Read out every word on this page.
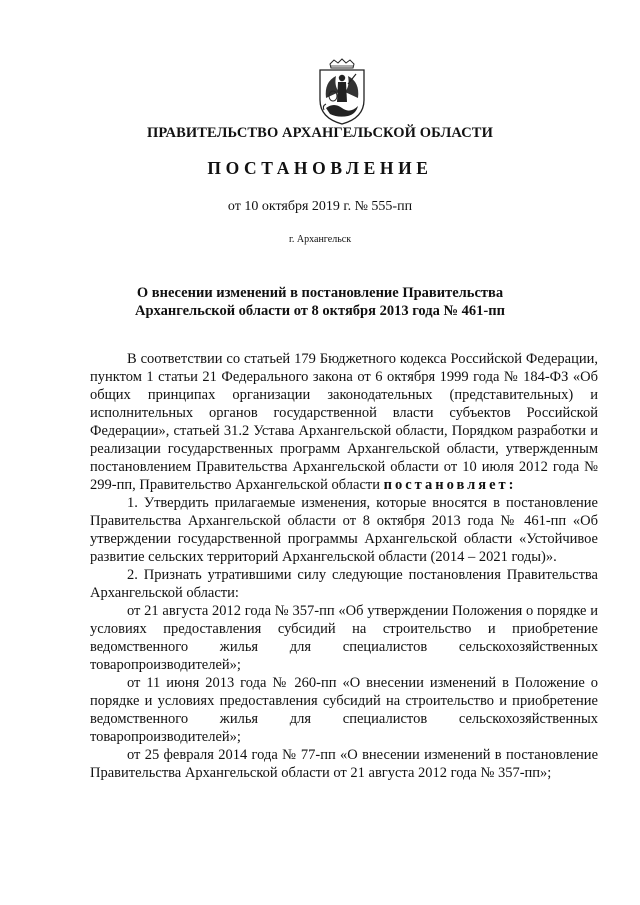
ПРАВИТЕЛЬСТВО АРХАНГЕЛЬСКОЙ ОБЛАСТИ
ПОСТАНОВЛЕНИЕ
от 10 октября 2019 г. № 555-пп
г. Архангельск
О внесении изменений в постановление Правительства
Архангельской области от 8 октября 2013 года № 461-пп

В соответствии со статьей 179 Бюджетного кодекса Российской Федерации, пунктом 1 статьи 21 Федерального закона от 6 октября 1999 года № 184-ФЗ «Об общих принципах организации законодательных (представительных) и исполнительных органов государственной власти субъектов Российской Федерации», статьей 31.2 Устава Архангельской области, Порядком разработки и реализации государственных программ Архангельской области, утвержденным постановлением Правительства Архангельской области от 10 июля 2012 года № 299-пп, Правительство Архангельской области постановляет:

1. Утвердить прилагаемые изменения, которые вносятся в постановление Правительства Архангельской области от 8 октября 2013 года № 461-пп «Об утверждении государственной программы Архангельской области «Устойчивое развитие сельских территорий Архангельской области (2014 – 2021 годы)».

2. Признать утратившими силу следующие постановления Правительства Архангельской области:

от 21 августа 2012 года № 357-пп «Об утверждении Положения о порядке и условиях предоставления субсидий на строительство и приобретение ведомственного жилья для специалистов сельскохозяйственных товаропроизводителей»;

от 11 июня 2013 года № 260-пп «О внесении изменений в Положение о порядке и условиях предоставления субсидий на строительство и приобретение ведомственного жилья для специалистов сельскохозяйственных товаропроизводителей»;

от 25 февраля 2014 года № 77-пп «О внесении изменений в постановление Правительства Архангельской области от 21 августа 2012 года № 357-пп»;
